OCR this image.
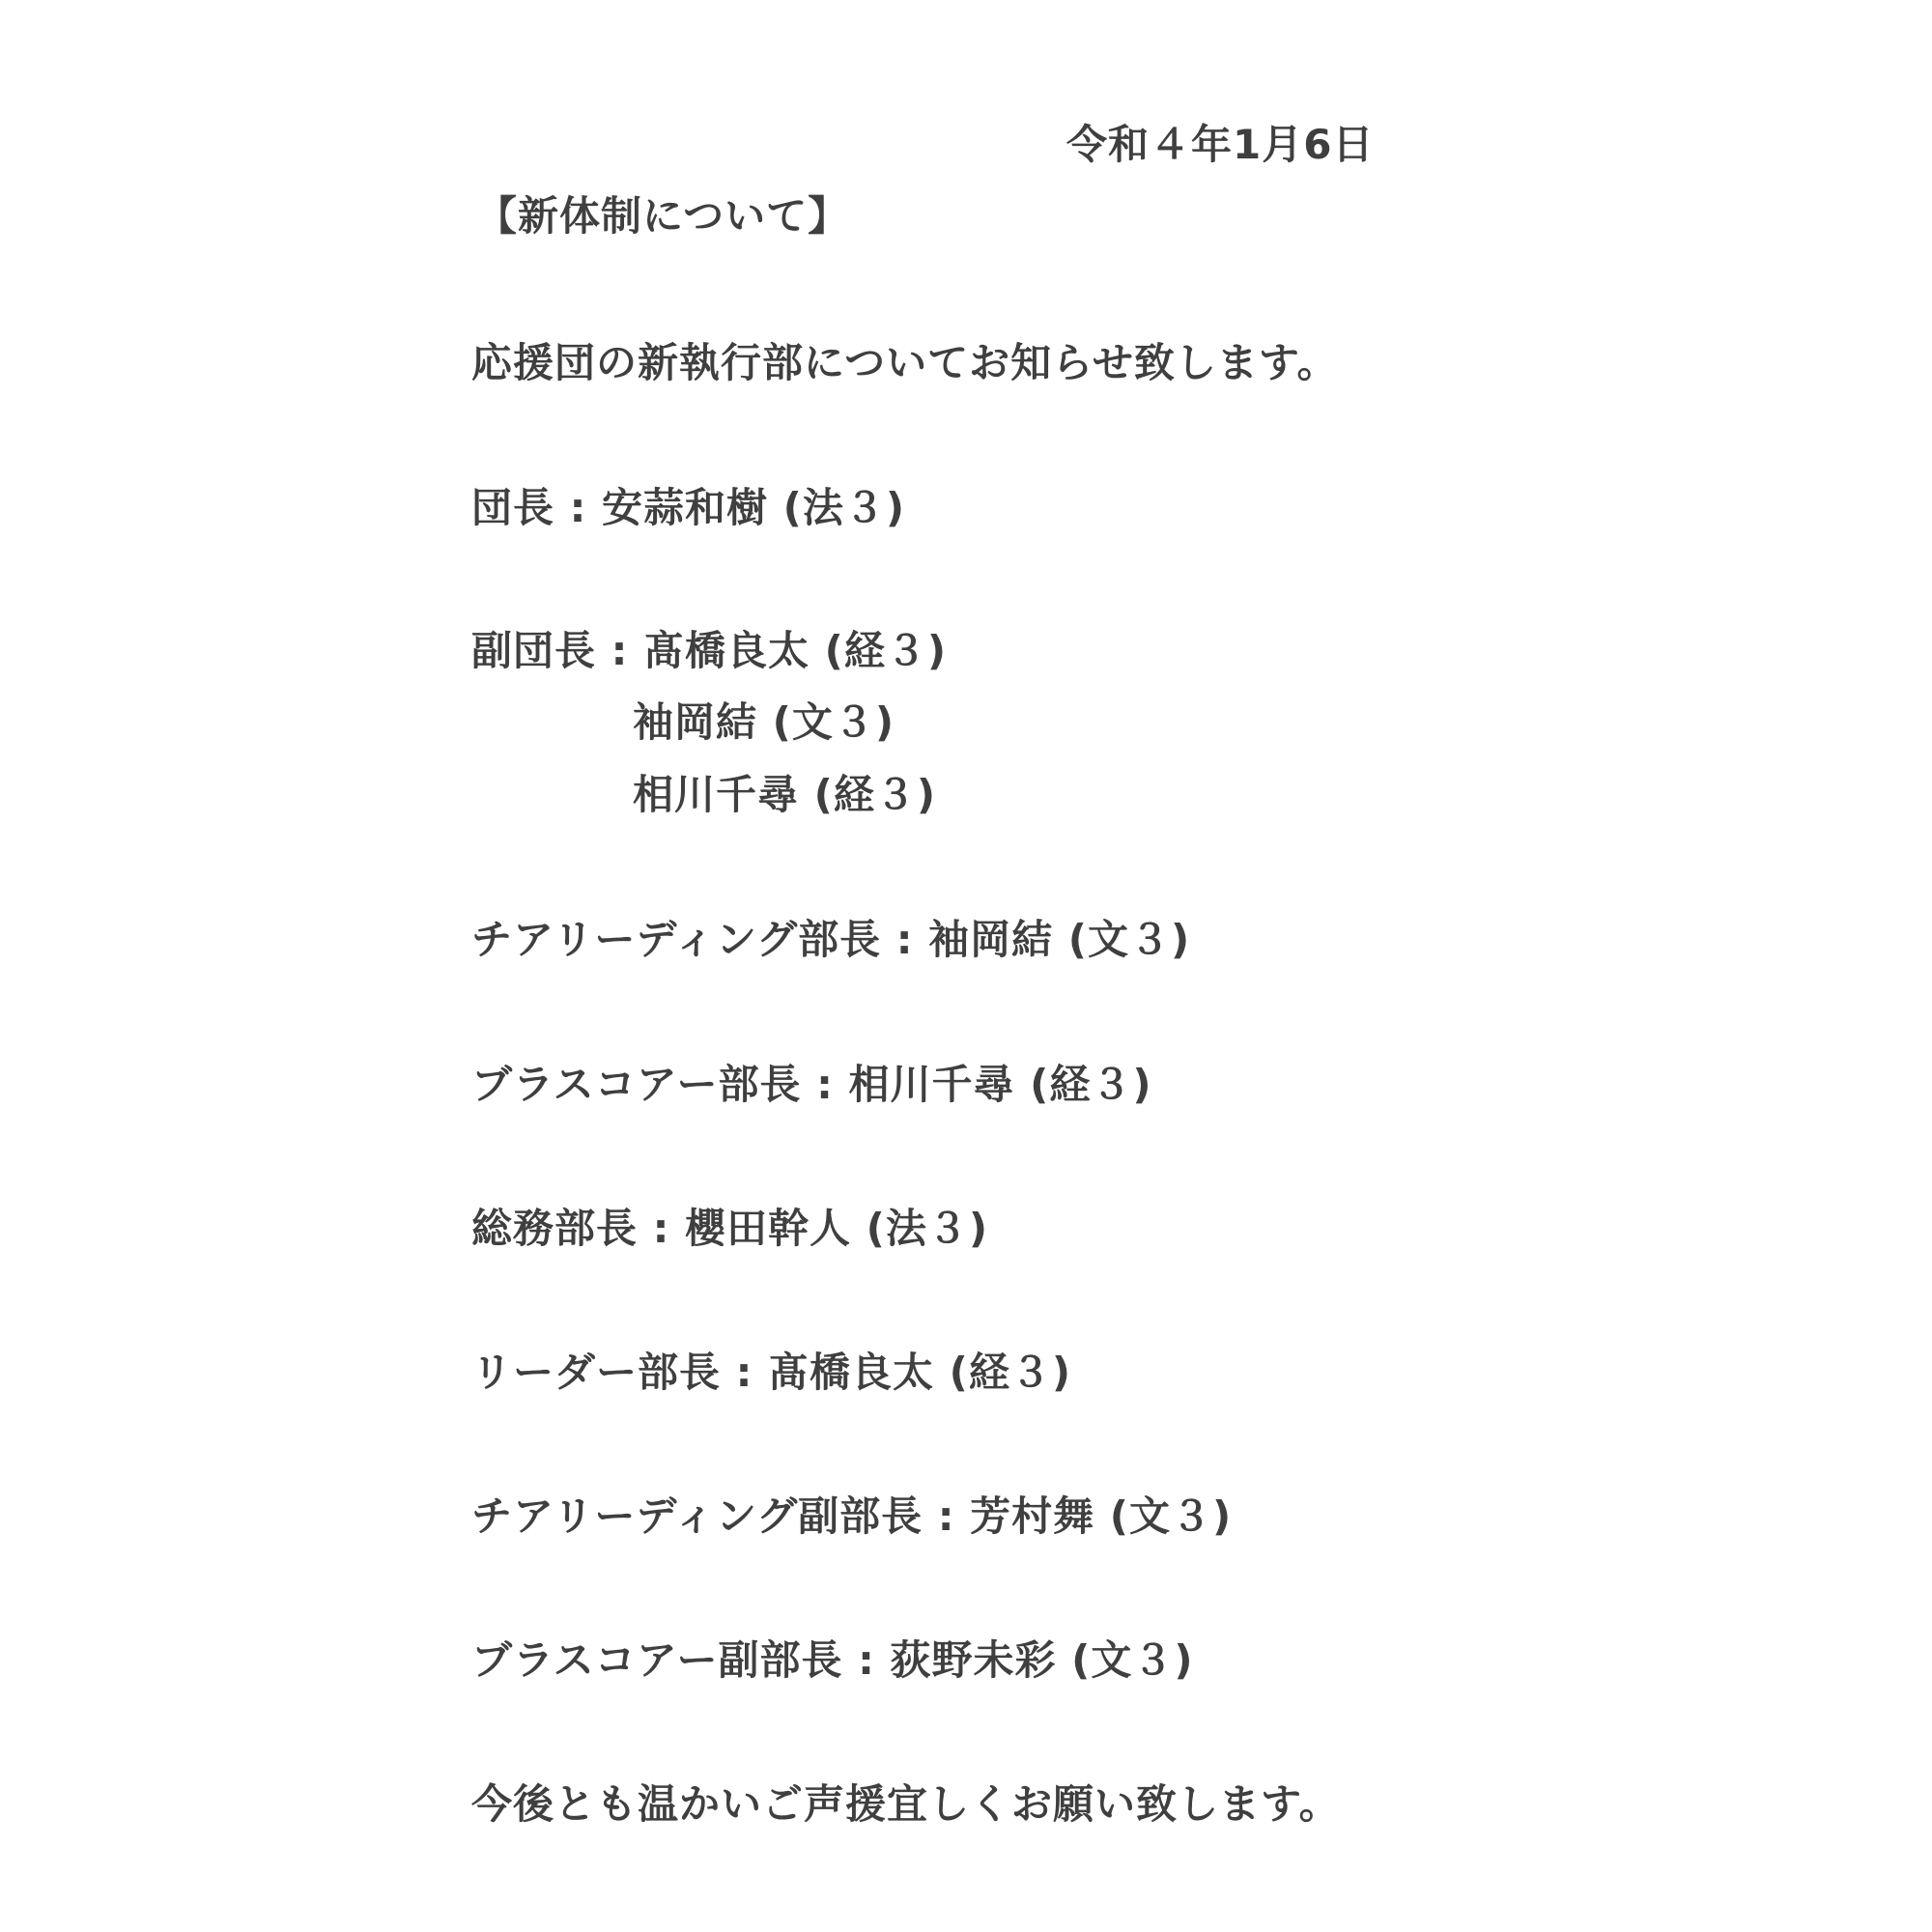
令和４年1月6日
【新体制について】
応援団の新執行部についてお知らせ致します。
団長 : 安蒜和樹 (法３)
副団長 : 髙橋良太 (経３)
袖岡結 (文３)
相川千尋 (経３)
チアリーディング部長 : 袖岡結 (文３)
ブラスコアー部長 : 相川千尋 (経３)
総務部長 : 櫻田幹人 (法３)
リーダー部長 : 髙橋良太 (経３)
チアリーディング副部長 : 芳村舞 (文３)
ブラスコアー副部長 : 荻野未彩 (文３)
今後とも温かいご声援宜しくお願い致します。
